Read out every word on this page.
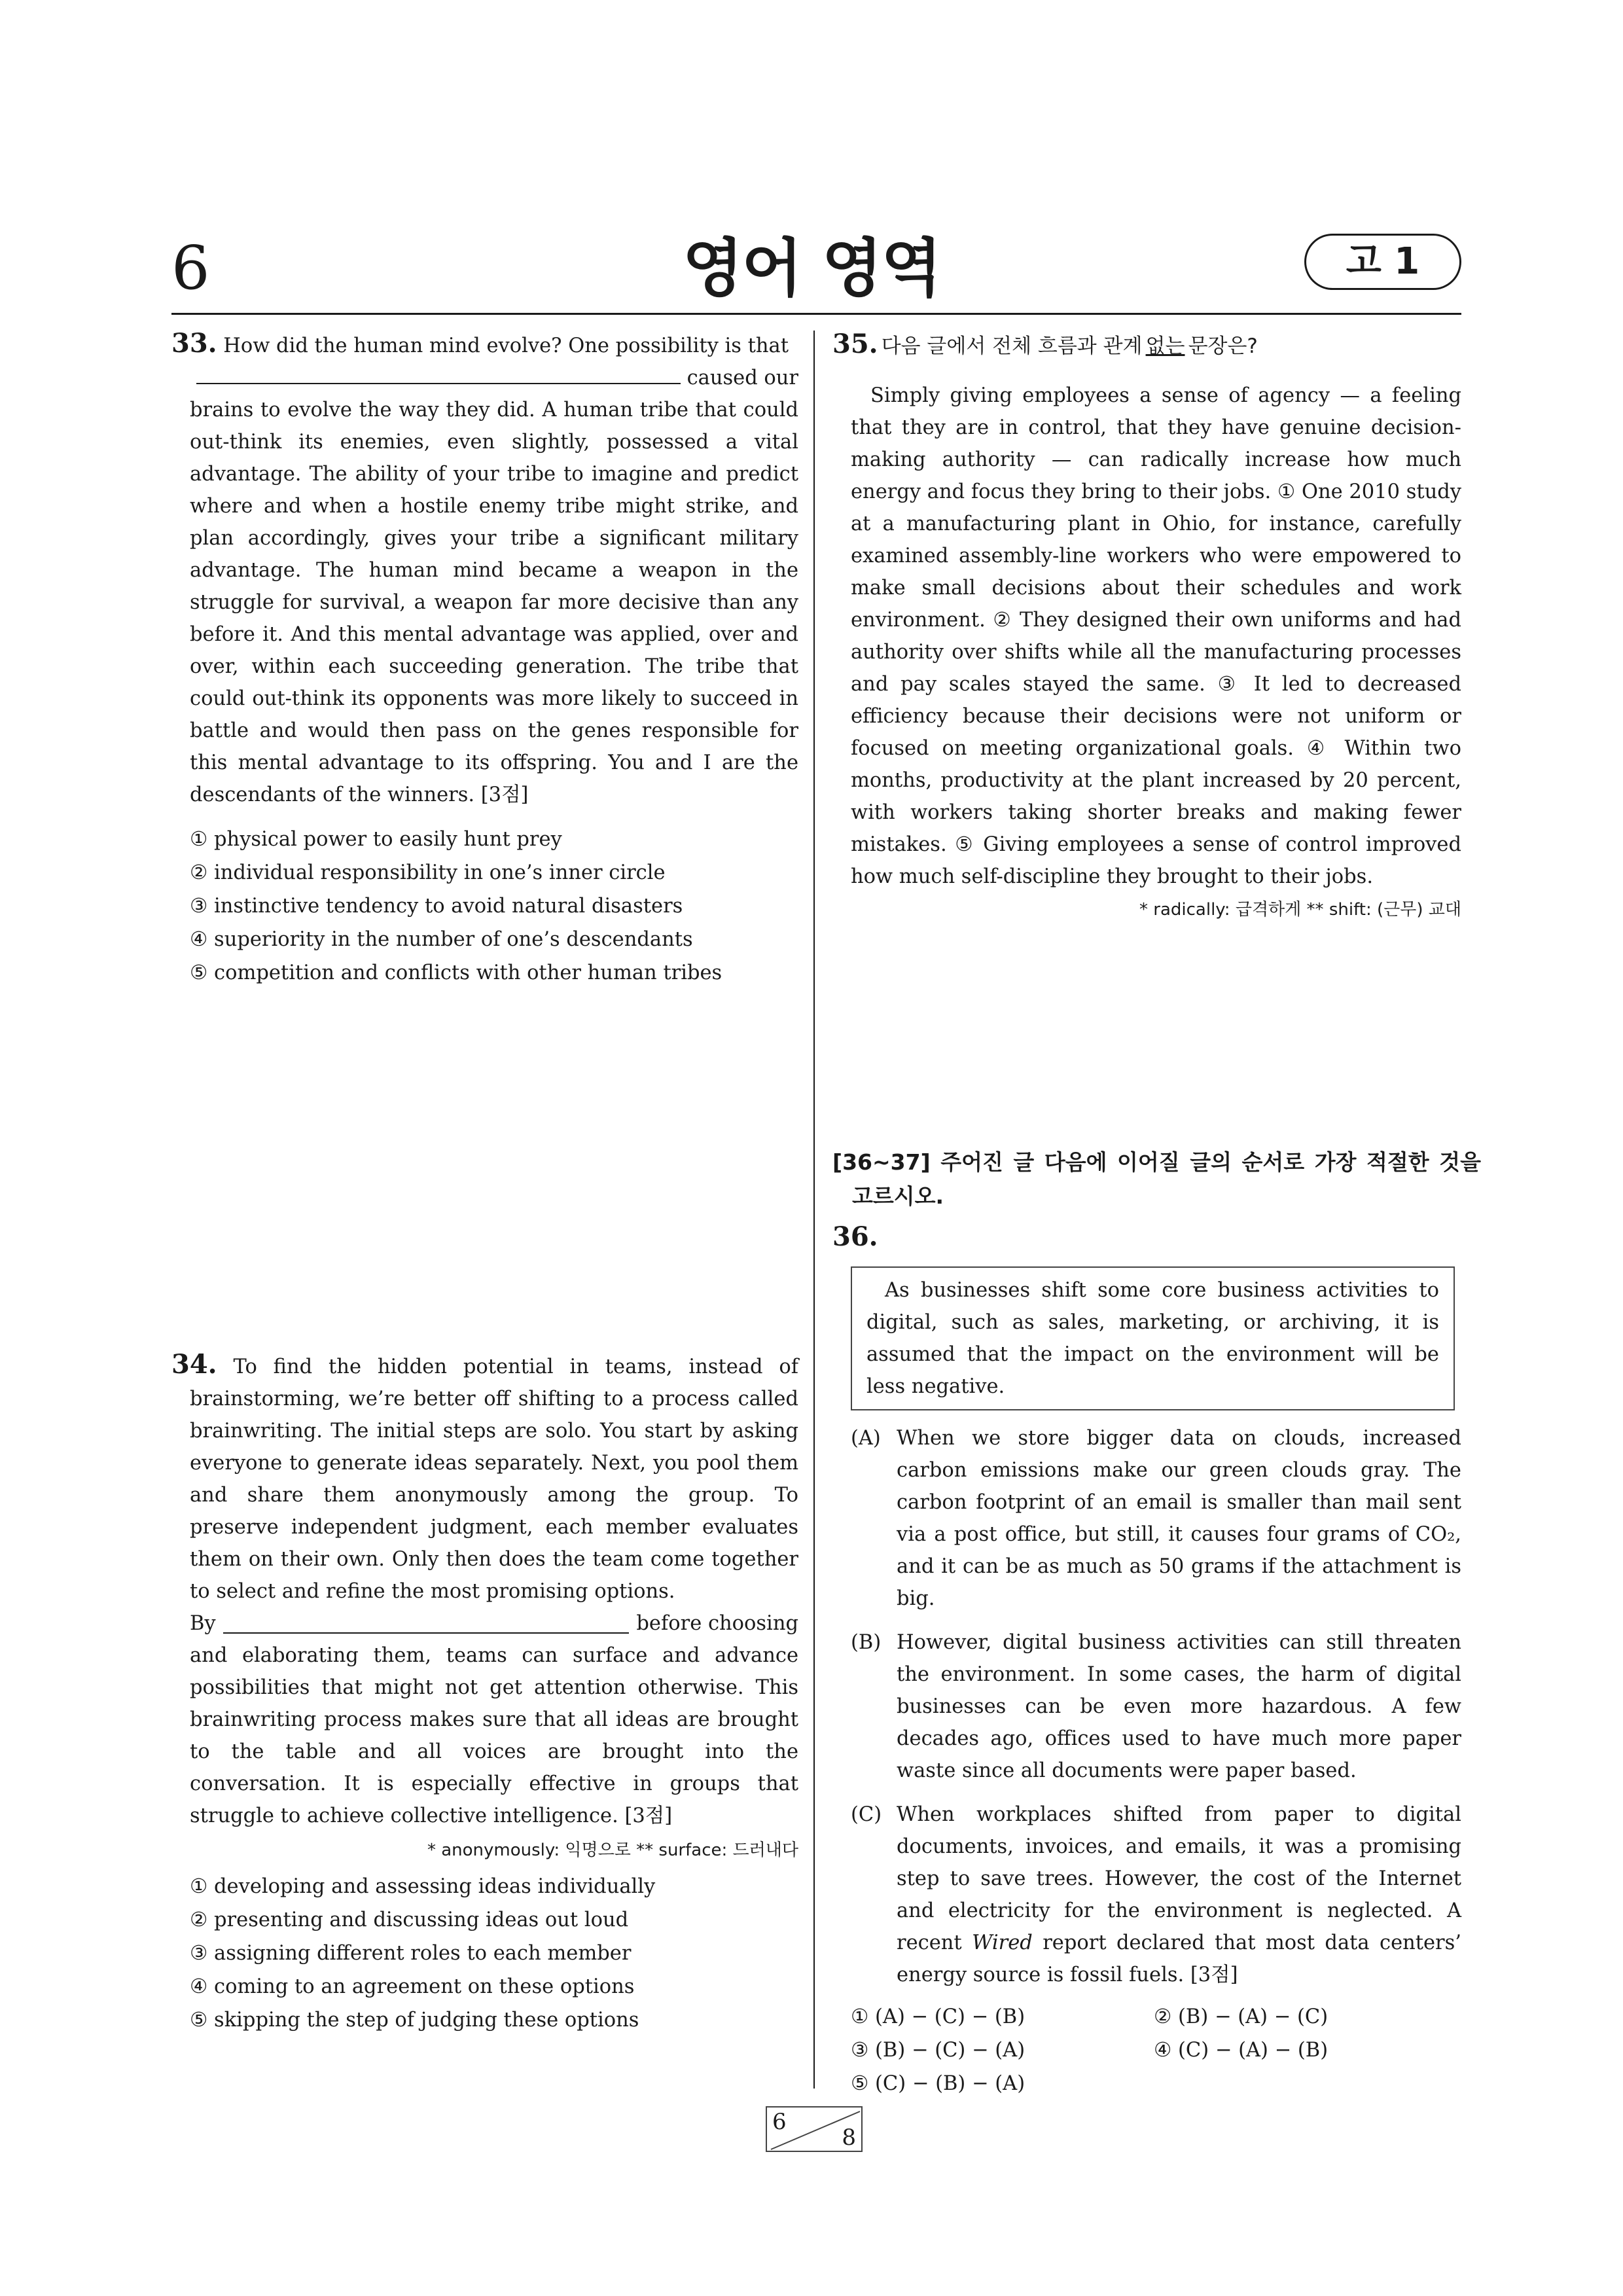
6	영어 영역	고 1
33. How did the human mind evolve? One possibility is that
caused our
brains to evolve the way they did. A human tribe that could out-think its enemies, even slightly, possessed a vital advantage. The ability of your tribe to imagine and predict where and when a hostile enemy tribe might strike, and plan accordingly, gives your tribe a significant military advantage. The human mind became a weapon in the struggle for survival, a weapon far more decisive than any before it. And this mental advantage was applied, over and over, within each succeeding generation. The tribe that could out-think its opponents was more likely to succeed in battle and would then pass on the genes responsible for this mental advantage to its offspring. You and I are the descendants of the winners. [3점]
① physical power to easily hunt prey
② individual responsibility in one’s inner circle
③ instinctive tendency to avoid natural disasters
④ superiority in the number of one’s descendants
⑤ competition and conflicts with other human tribes
34. To find the hidden potential in teams, instead of brainstorming, we’re better off shifting to a process called brainwriting. The initial steps are solo. You start by asking everyone to generate ideas separately. Next, you pool them and share them anonymously among the group. To preserve independent judgment, each member evaluates them on their own. Only then does the team come together to select and refine the most promising options.
By	before choosing
and elaborating them, teams can surface and advance possibilities that might not get attention otherwise. This brainwriting process makes sure that all ideas are brought to the table and all voices are brought into the conversation. It is especially effective in groups that struggle to achieve collective intelligence. [3점]
* anonymously: 익명으로 ** surface: 드러내다
① developing and assessing ideas individually
② presenting and discussing ideas out loud
③ assigning different roles to each member
④ coming to an agreement on these options
⑤ skipping the step of judging these options
35. 다음 글에서 전체 흐름과 관계 없는 문장은?
Simply giving employees a sense of agency — a feeling that they are in control, that they have genuine decision-making authority — can radically increase how much energy and focus they bring to their jobs. ① One 2010 study at a manufacturing plant in Ohio, for instance, carefully examined assembly-line workers who were empowered to make small decisions about their schedules and work environment. ② They designed their own uniforms and had authority over shifts while all the manufacturing processes and pay scales stayed the same. ③ It led to decreased efficiency because their decisions were not uniform or focused on meeting organizational goals. ④ Within two months, productivity at the plant increased by 20 percent, with workers taking shorter breaks and making fewer mistakes. ⑤ Giving employees a sense of control improved how much self-discipline they brought to their jobs.
* radically: 급격하게 ** shift: (근무) 교대
[36~37] 주어진 글 다음에 이어질 글의 순서로 가장 적절한 것을 고르시오.
36.
As businesses shift some core business activities to digital, such as sales, marketing, or archiving, it is assumed that the impact on the environment will be less negative.
(A) When we store bigger data on clouds, increased carbon emissions make our green clouds gray. The carbon footprint of an email is smaller than mail sent via a post office, but still, it causes four grams of CO₂, and it can be as much as 50 grams if the attachment is big.
(B) However, digital business activities can still threaten the environment. In some cases, the harm of digital businesses can be even more hazardous. A few decades ago, offices used to have much more paper waste since all documents were paper based.
(C) When workplaces shifted from paper to digital documents, invoices, and emails, it was a promising step to save trees. However, the cost of the Internet and electricity for the environment is neglected. A recent Wired report declared that most data centers’ energy source is fossil fuels. [3점]
① (A) − (C) − (B)	② (B) − (A) − (C)
③ (B) − (C) − (A)	④ (C) − (A) − (B)
⑤ (C) − (B) − (A)
6
8
